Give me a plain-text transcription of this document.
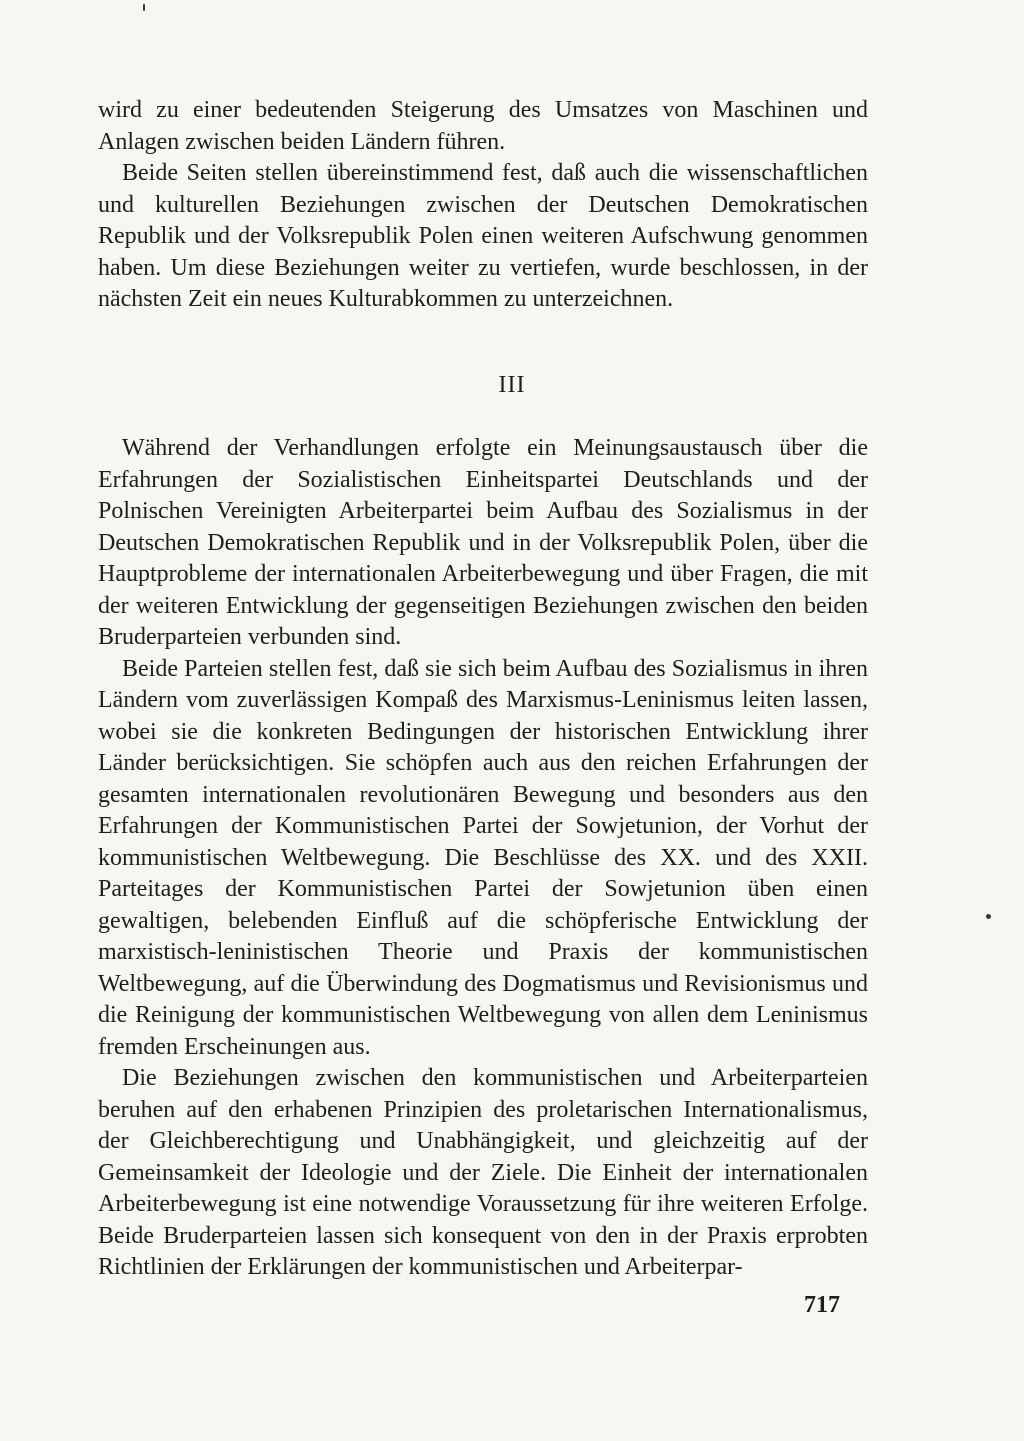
wird zu einer bedeutenden Steigerung des Umsatzes von Maschinen und Anlagen zwischen beiden Ländern führen.

Beide Seiten stellen übereinstimmend fest, daß auch die wissenschaftlichen und kulturellen Beziehungen zwischen der Deutschen Demokratischen Republik und der Volksrepublik Polen einen weiteren Aufschwung genommen haben. Um diese Beziehungen weiter zu vertiefen, wurde beschlossen, in der nächsten Zeit ein neues Kulturabkommen zu unterzeichnen.

III

Während der Verhandlungen erfolgte ein Meinungsaustausch über die Erfahrungen der Sozialistischen Einheitspartei Deutschlands und der Polnischen Vereinigten Arbeiterpartei beim Aufbau des Sozialismus in der Deutschen Demokratischen Republik und in der Volksrepublik Polen, über die Hauptprobleme der internationalen Arbeiterbewegung und über Fragen, die mit der weiteren Entwicklung der gegenseitigen Beziehungen zwischen den beiden Bruderparteien verbunden sind.

Beide Parteien stellen fest, daß sie sich beim Aufbau des Sozialismus in ihren Ländern vom zuverlässigen Kompaß des Marxismus-Leninismus leiten lassen, wobei sie die konkreten Bedingungen der historischen Entwicklung ihrer Länder berücksichtigen. Sie schöpfen auch aus den reichen Erfahrungen der gesamten internationalen revolutionären Bewegung und besonders aus den Erfahrungen der Kommunistischen Partei der Sowjetunion, der Vorhut der kommunistischen Weltbewegung. Die Beschlüsse des XX. und des XXII. Parteitages der Kommunistischen Partei der Sowjetunion üben einen gewaltigen, belebenden Einfluß auf die schöpferische Entwicklung der marxistisch-leninistischen Theorie und Praxis der kommunistischen Weltbewegung, auf die Überwindung des Dogmatismus und Revisionismus und die Reinigung der kommunistischen Weltbewegung von allen dem Leninismus fremden Erscheinungen aus.

Die Beziehungen zwischen den kommunistischen und Arbeiterparteien beruhen auf den erhabenen Prinzipien des proletarischen Internationalismus, der Gleichberechtigung und Unabhängigkeit, und gleichzeitig auf der Gemeinsamkeit der Ideologie und der Ziele. Die Einheit der internationalen Arbeiterbewegung ist eine notwendige Voraussetzung für ihre weiteren Erfolge. Beide Bruderparteien lassen sich konsequent von den in der Praxis erprobten Richtlinien der Erklärungen der kommunistischen und Arbeiterpar-

717
